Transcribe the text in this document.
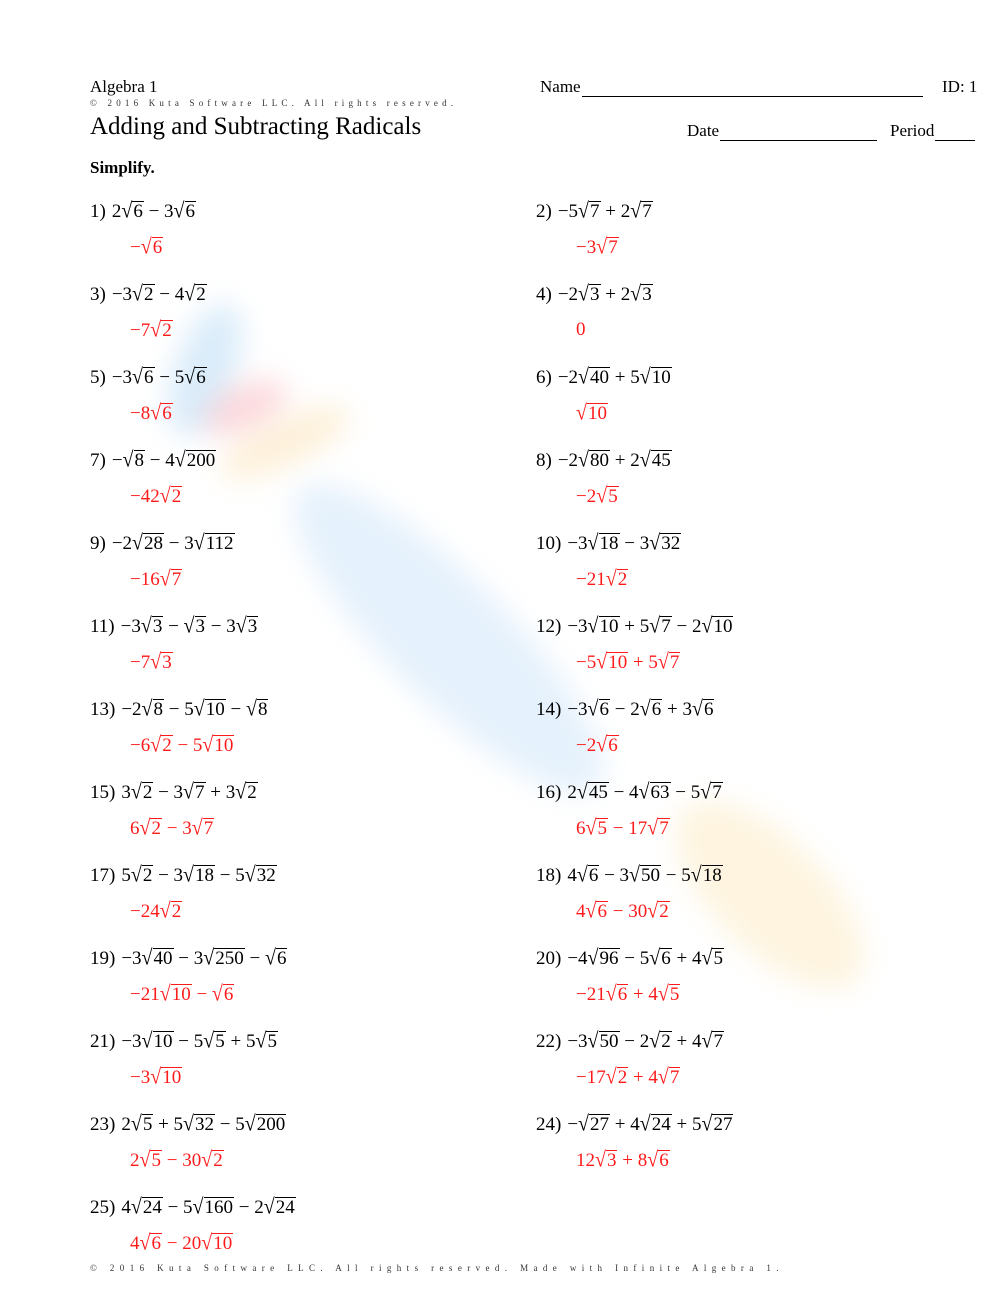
Algebra 1	Name	ID: 1
© 2016 Kuta Software LLC. All rights reserved.
Adding and Subtracting Radicals	Date	Period
Simplify.
1) 2√6 − 3√6
−√6
2) −5√7 + 2√7
−3√7
3) −3√2 − 4√2
−7√2
4) −2√3 + 2√3
0
5) −3√6 − 5√6
−8√6
6) −2√40 + 5√10
√10
7) −√8 − 4√200
−42√2
8) −2√80 + 2√45
−2√5
9) −2√28 − 3√112
−16√7
10) −3√18 − 3√32
−21√2
11) −3√3 − √3 − 3√3
−7√3
12) −3√10 + 5√7 − 2√10
−5√10 + 5√7
13) −2√8 − 5√10 − √8
−6√2 − 5√10
14) −3√6 − 2√6 + 3√6
−2√6
15) 3√2 − 3√7 + 3√2
6√2 − 3√7
16) 2√45 − 4√63 − 5√7
6√5 − 17√7
17) 5√2 − 3√18 − 5√32
−24√2
18) 4√6 − 3√50 − 5√18
4√6 − 30√2
19) −3√40 − 3√250 − √6
−21√10 − √6
20) −4√96 − 5√6 + 4√5
−21√6 + 4√5
21) −3√10 − 5√5 + 5√5
−3√10
22) −3√50 − 2√2 + 4√7
−17√2 + 4√7
23) 2√5 + 5√32 − 5√200
2√5 − 30√2
24) −√27 + 4√24 + 5√27
12√3 + 8√6
25) 4√24 − 5√160 − 2√24
4√6 − 20√10
© 2016 Kuta Software LLC. All rights reserved. Made with Infinite Algebra 1.
